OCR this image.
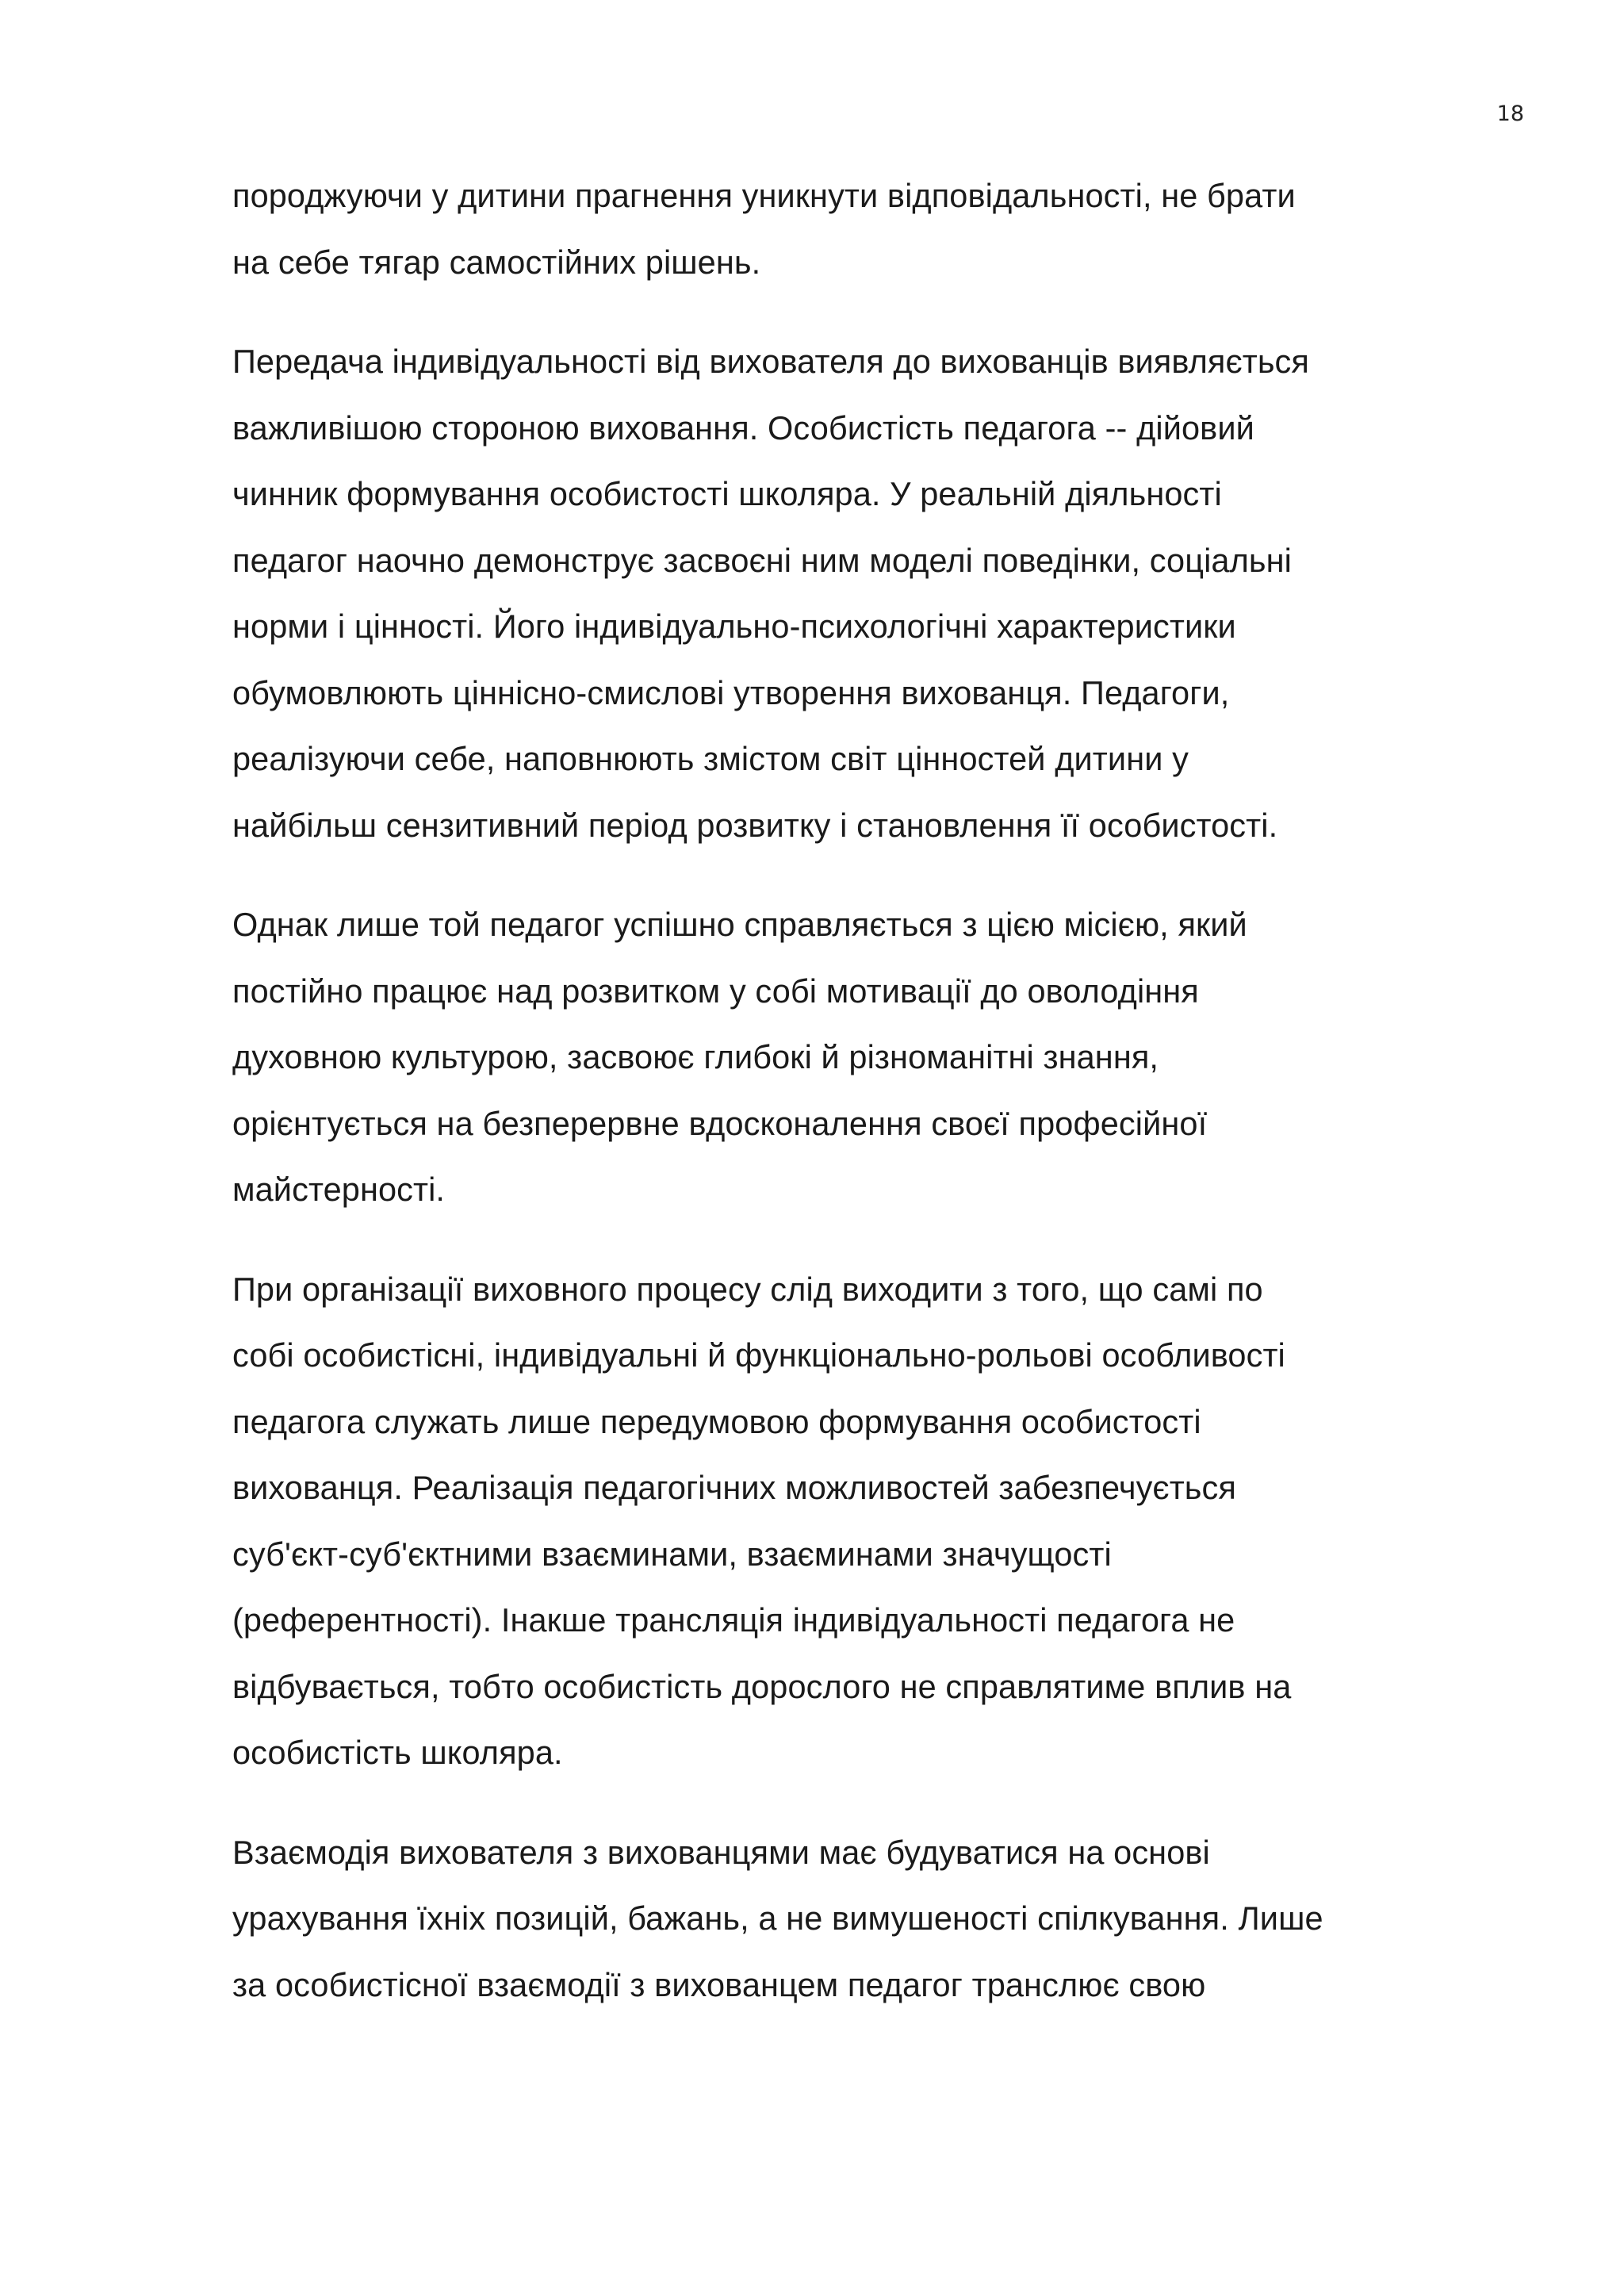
18
породжуючи у дитини прагнення уникнути відповідальності, не брати
на себе тягар самостійних рішень.
Передача індивідуальності від вихователя до вихованців виявляється
важливішою стороною виховання. Особистість педагога -- дійовий
чинник формування особистості школяра. У реальній діяльності
педагог наочно демонструє засвоєні ним моделі поведінки, соціальні
норми і цінності. Його індивідуально-психологічні характеристики
обумовлюють ціннісно-смислові утворення вихованця. Педагоги,
реалізуючи себе, наповнюють змістом світ цінностей дитини у
найбільш сензитивний період розвитку і становлення її особистості.
Однак лише той педагог успішно справляється з цією місією, який
постійно працює над розвитком у собі мотивації до оволодіння
духовною культурою, засвоює глибокі й різноманітні знання,
орієнтується на безперервне вдосконалення своєї професійної
майстерності.
При організації виховного процесу слід виходити з того, що самі по
собі особистісні, індивідуальні й функціонально-рольові особливості
педагога служать лише передумовою формування особистості
вихованця. Реалізація педагогічних можливостей забезпечується
суб'єкт-суб'єктними взаєминами, взаєминами значущості
(референтності). Інакше трансляція індивідуальності педагога не
відбувається, тобто особистість дорослого не справлятиме вплив на
особистість школяра.
Взаємодія вихователя з вихованцями має будуватися на основі
урахування їхніх позицій, бажань, а не вимушеності спілкування. Лише
за особистісної взаємодії з вихованцем педагог транслює свою
